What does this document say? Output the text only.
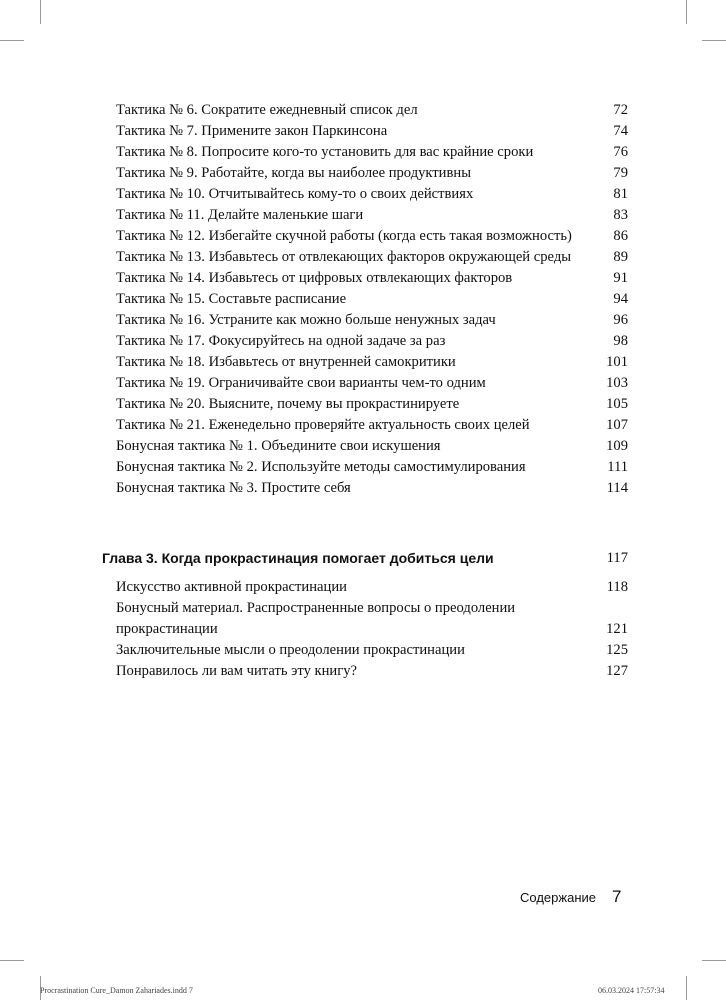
Тактика № 6. Сократите ежедневный список дел	72
Тактика № 7. Примените закон Паркинсона	74
Тактика № 8. Попросите кого-то установить для вас крайние сроки	76
Тактика № 9. Работайте, когда вы наиболее продуктивны	79
Тактика № 10. Отчитывайтесь кому-то о своих действиях	81
Тактика № 11. Делайте маленькие шаги	83
Тактика № 12. Избегайте скучной работы (когда есть такая возможность)	86
Тактика № 13. Избавьтесь от отвлекающих факторов окружающей среды	89
Тактика № 14. Избавьтесь от цифровых отвлекающих факторов	91
Тактика № 15. Составьте расписание	94
Тактика № 16. Устраните как можно больше ненужных задач	96
Тактика № 17. Фокусируйтесь на одной задаче за раз	98
Тактика № 18. Избавьтесь от внутренней самокритики	101
Тактика № 19. Ограничивайте свои варианты чем-то одним	103
Тактика № 20. Выясните, почему вы прокрастинируете	105
Тактика № 21. Еженедельно проверяйте актуальность своих целей	107
Бонусная тактика № 1. Объедините свои искушения	109
Бонусная тактика № 2. Используйте методы самостимулирования	111
Бонусная тактика № 3. Простите себя	114
Глава 3. Когда прокрастинация помогает добиться цели	117
Искусство активной прокрастинации	118
Бонусный материал. Распространенные вопросы о преодолении прокрастинации	121
Заключительные мысли о преодолении прокрастинации	125
Понравилось ли вам читать эту книгу?	127
Содержание 7
Procrastination Cure_Damon Zahariades.indd 7	06.03.2024 17:57:34
